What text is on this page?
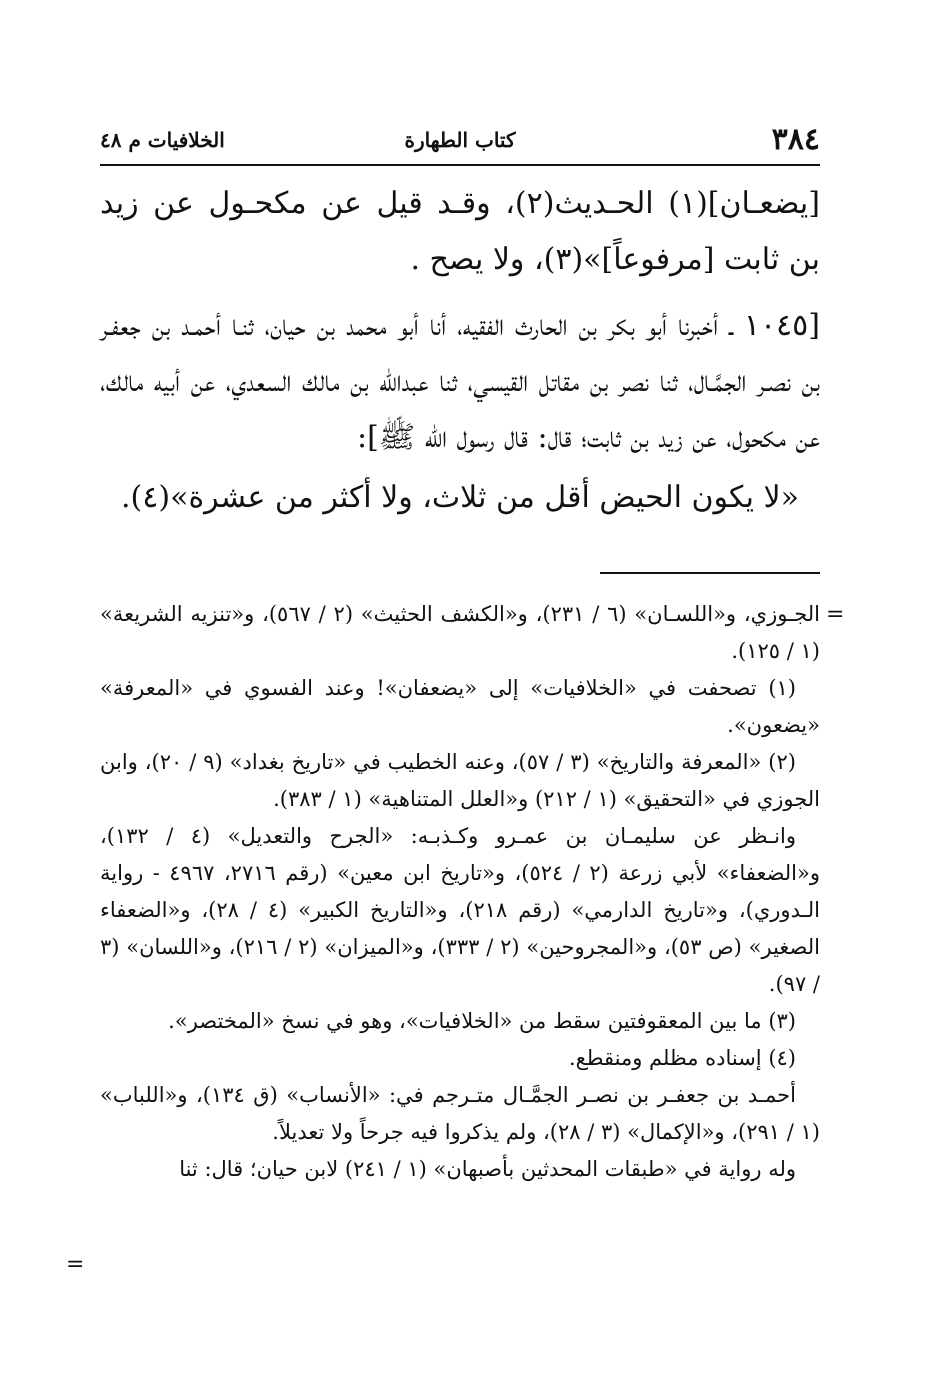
٣٨٤
كتاب الطهارة
الخلافيات م ٤٨

[يضعـان](١) الحـديث(٢)، وقـد قيل عن مكحـول عن زيد بن ثابت [مرفوعاً]»(٣)، ولا يصح .

[١٠٤٥ ـ أخبرنا أبو بكر بن الحارث الفقيه، أنا أبو محمد بن حيان، ثنـا أحمـد بن جعفـر بن نصـر الجمَّـال، ثنا نصر بن مقاتل القيسي، ثنا عبدالله بن مالك السعدي، عن أبيه مالك، عن مكحول، عن زيد بن ثابت؛ قال: قال رسول الله ﷺ]:

«لا يكون الحيض أقل من ثلاث، ولا أكثر من عشرة»(٤).

=

الجـوزي، و«اللسـان» (٦ / ٢٣١)، و«الكشف الحثيث» (٢ / ٥٦٧)، و«تنزيه الشريعة» (١ / ١٢٥).

(١) تصحفت في «الخلافيات» إلى «يضعفان»! وعند الفسوي في «المعرفة» «يضعون».

(٢) «المعرفة والتاريخ» (٣ / ٥٧)، وعنه الخطيب في «تاريخ بغداد» (٩ / ٢٠)، وابن الجوزي في «التحقيق» (١ / ٢١٢) و«العلل المتناهية» (١ / ٣٨٣).

وانـظر عن سليمـان بن عمـرو وكـذبـه: «الجرح والتعديل» (٤ / ١٣٢)، و«الضعفاء» لأبي زرعة (٢ / ٥٢٤)، و«تاريخ ابن معين» (رقم ٢٧١٦، ٤٩٦٧ - رواية الـدوري)، و«تاريخ الدارمي» (رقم ٢١٨)، و«التاريخ الكبير» (٤ / ٢٨)، و«الضعفاء الصغير» (ص ٥٣)، و«المجروحين» (٢ / ٣٣٣)، و«الميزان» (٢ / ٢١٦)، و«اللسان» (٣ / ٩٧).

(٣) ما بين المعقوفتين سقط من «الخلافيات»، وهو في نسخ «المختصر».

(٤) إسناده مظلم ومنقطع.

أحمـد بن جعفـر بن نصـر الجمَّـال متـرجم في: «الأنساب» (ق ١٣٤)، و«اللباب» (١ / ٢٩١)، و«الإكمال» (٣ / ٢٨)، ولم يذكروا فيه جرحاً ولا تعديلاً.

وله رواية في «طبقات المحدثين بأصبهان» (١ / ٢٤١) لابن حيان؛ قال: ثنا

=
